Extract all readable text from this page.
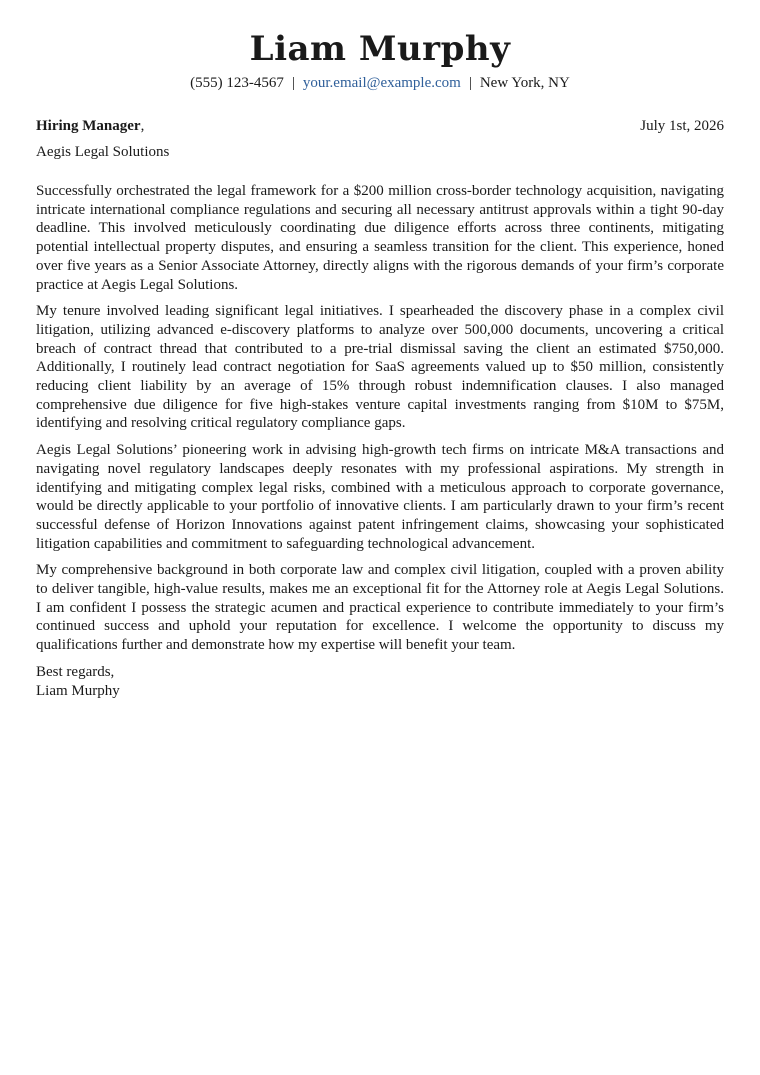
Liam Murphy
(555) 123-4567 | your.email@example.com | New York, NY
Hiring Manager,	July 1st, 2026
Aegis Legal Solutions

Successfully orchestrated the legal framework for a $200 million cross-border technology acquisition, navigating intricate international compliance regulations and securing all necessary antitrust approvals within a tight 90-day deadline. This involved meticulously coordinating due diligence efforts across three continents, mitigating potential intellectual property disputes, and ensuring a seamless transition for the client. This experience, honed over five years as a Senior Associate Attorney, directly aligns with the rigorous demands of your firm’s corporate practice at Aegis Legal Solutions.

My tenure involved leading significant legal initiatives. I spearheaded the discovery phase in a complex civil litigation, utilizing advanced e-discovery platforms to analyze over 500,000 documents, uncovering a critical breach of contract thread that contributed to a pre-trial dismissal saving the client an estimated $750,000. Additionally, I routinely lead contract negotiation for SaaS agreements valued up to $50 million, consistently reducing client liability by an average of 15% through robust indemnification clauses. I also managed comprehensive due diligence for five high-stakes venture capital investments ranging from $10M to $75M, identifying and resolving critical regulatory compliance gaps.

Aegis Legal Solutions’ pioneering work in advising high-growth tech firms on intricate M&A transactions and navigating novel regulatory landscapes deeply resonates with my professional aspirations. My strength in identifying and mitigating complex legal risks, combined with a meticulous approach to corporate governance, would be directly applicable to your portfolio of innovative clients. I am particularly drawn to your firm’s recent successful defense of Horizon Innovations against patent infringement claims, showcasing your sophisticated litigation capabilities and commitment to safeguarding technological advancement.

My comprehensive background in both corporate law and complex civil litigation, coupled with a proven ability to deliver tangible, high-value results, makes me an exceptional fit for the Attorney role at Aegis Legal Solutions. I am confident I possess the strategic acumen and practical experience to contribute immediately to your firm’s continued success and uphold your reputation for excellence. I welcome the opportunity to discuss my qualifications further and demonstrate how my expertise will benefit your team.

Best regards,
Liam Murphy
